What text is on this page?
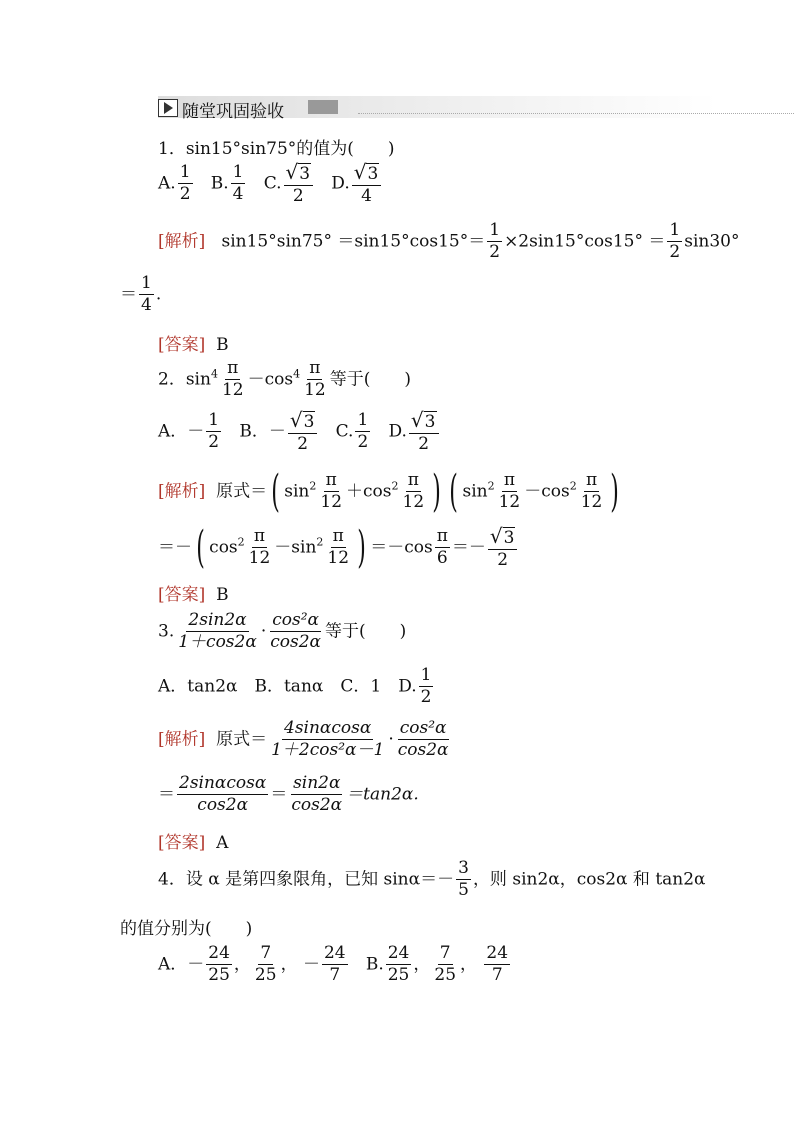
随堂巩固验收
1．sin15°sin75°的值为(　　)
A. $\frac{1}{2} B$. $\frac{1}{4} C$. $\frac{√3}{2} D$. $\frac{√3}{4}$
[解析] $\sin 15^\circ\sin 75^\circ =\sin 15^\circ\cos 15^\circ= \frac{1}{2} \times 2\sin 15^\circ\cos 15^\circ = \frac{1}{2} \sin 30^\circ$
＝ $\frac{1}{4}$ .
[答案] B
2．$\sin^4 \frac{\pi}{12} -\cos^4 \frac{\pi}{12}$ 等于(　　)
A．－ $\frac{1}{2}$ B．－ $\frac{√3}{2} C$. $\frac{1}{2} D$. $\frac{√3}{2}$
[解析] 原式＝( $\sin^2 \frac{\pi}{12} +\cos^2 \frac{\pi}{12}$ ) ( $\sin^2 \frac{\pi}{12} -\cos^2 \frac{\pi}{12}$ )
＝－( $\cos^2 \frac{\pi}{12} -\sin^2 \frac{\pi}{12}$ ) $=-\cos \frac{\pi}{6} =- \frac{√3}{2}$
[答案] B
3. $\frac{2\sin 2\alpha}{1+\cos 2\alpha} \cdot \frac{\text{cos²α}}{\cos 2\alpha}$ 等于(　　)
A．tan2α　B．tanα　C．1　D. $\frac{1}{2}$
[解析] 原式＝ $\frac{4\sin\alpha\cos\alpha}{\text{1＋2cos²α－1}} \cdot \frac{\text{cos²α}}{\cos 2\alpha}$
＝ $\frac{2\sin\alpha\cos\alpha}{\cos 2\alpha} = \frac{\sin 2\alpha}{\cos 2\alpha} =\tan 2\alpha$.
[答案] A
4．设 α 是第四象限角，已知 $\sin\alpha=- \frac{3}{5}$ ，则 sin2α，cos2α 和 tan2α
的值分别为(　　)
A．－ $\frac{24}{25}$ ， $\frac{7}{25}$ ， － $\frac{24}{7} B$. $\frac{24}{25}$ ， $\frac{7}{25}$ ， $\frac{24}{7}$
